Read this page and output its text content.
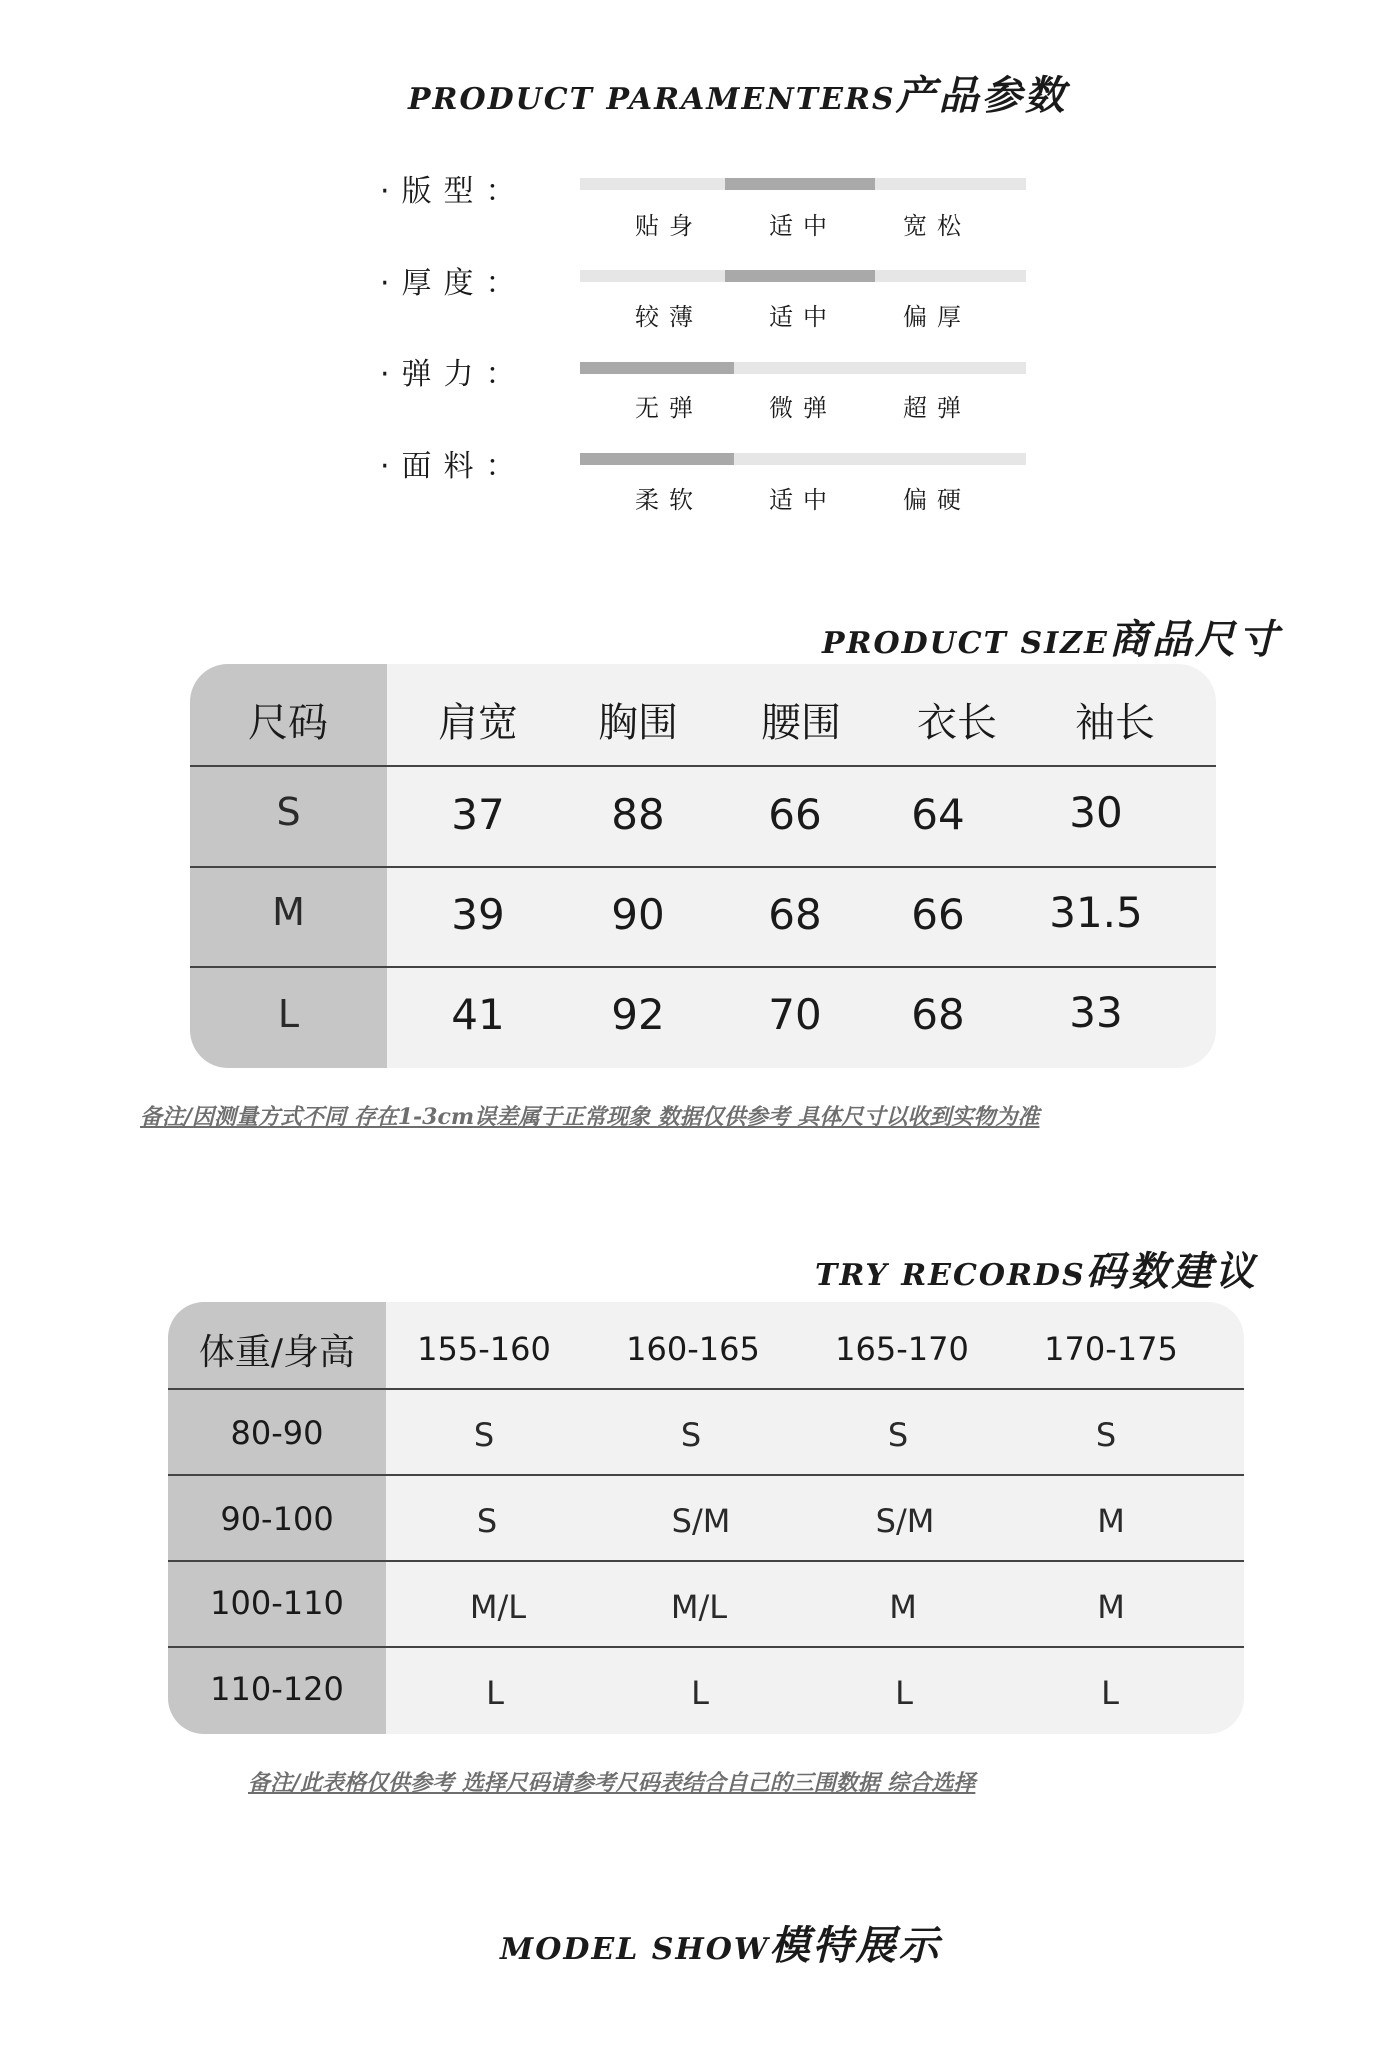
PRODUCT PARAMENTERS产品参数
·版型：
贴身	适中	宽松
·厚度：
较薄	适中	偏厚
·弹力：
无弹	微弹	超弹
·面料：
柔软	适中	偏硬
PRODUCT SIZE商品尺寸
尺码	肩宽	胸围	腰围	衣长	袖长
S	37	88	66	64	30
M	39	90	68	66	31.5
L	41	92	70	68	33
备注/因测量方式不同 存在1-3cm误差属于正常现象 数据仅供参考 具体尺寸以收到实物为准
TRY RECORDS码数建议
体重/身高	155-160	160-165	165-170	170-175
80-90	S	S	S	S
90-100	S	S/M	S/M	M
100-110	M/L	M/L	M	M
110-120	L	L	L	L
备注/此表格仅供参考 选择尺码请参考尺码表结合自己的三围数据 综合选择
MODEL SHOW模特展示
